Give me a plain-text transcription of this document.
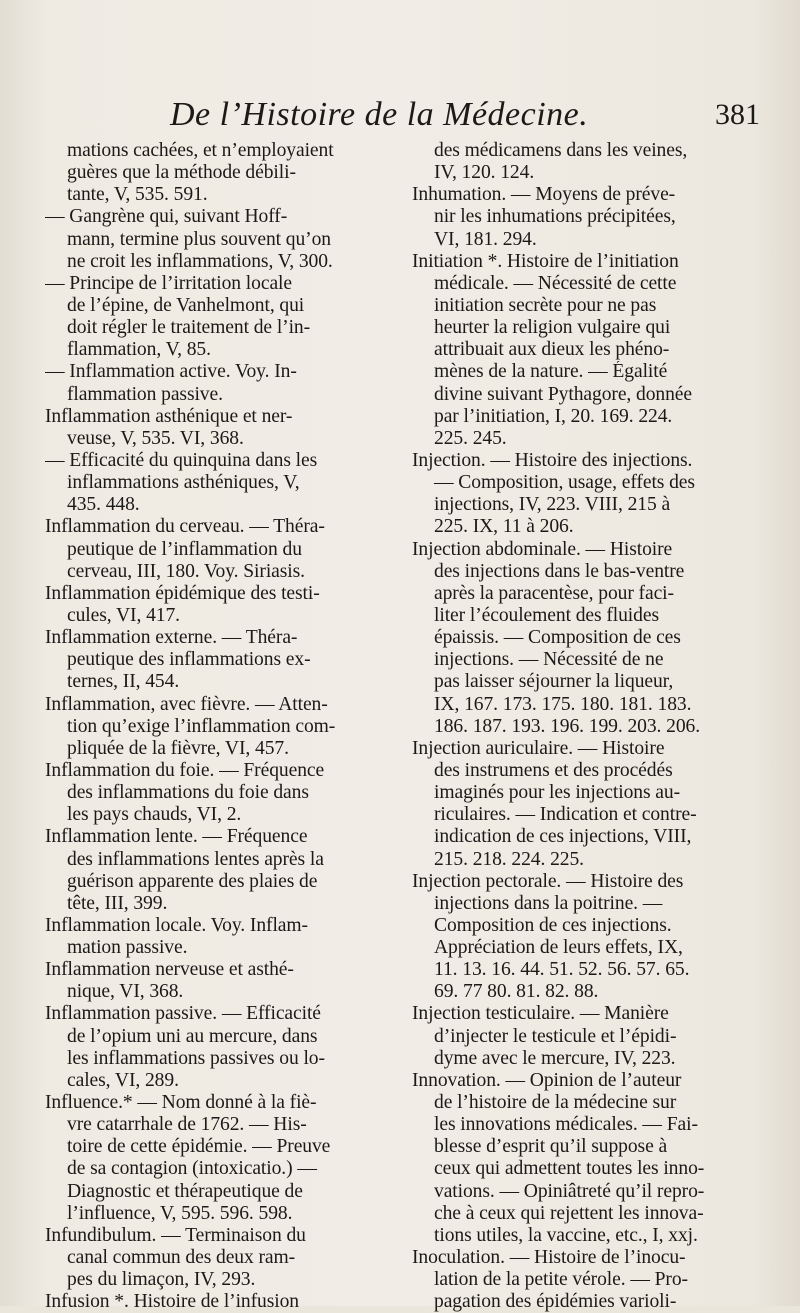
De l’Histoire de la Médecine.	381
mations cachées, et n’employaient
guères que la méthode débili-
tante, V, 535. 591.
— Gangrène qui, suivant Hoff-
mann, termine plus souvent qu’on
ne croit les inflammations, V, 300.
— Principe de l’irritation locale
de l’épine, de Vanhelmont, qui
doit régler le traitement de l’in-
flammation, V, 85.
— Inflammation active. Voy. In-
flammation passive.
Inflammation asthénique et ner-
veuse, V, 535. VI, 368.
— Efficacité du quinquina dans les
inflammations asthéniques, V,
435. 448.
Inflammation du cerveau. — Théra-
peutique de l’inflammation du
cerveau, III, 180. Voy. Siriasis.
Inflammation épidémique des testi-
cules, VI, 417.
Inflammation externe. — Théra-
peutique des inflammations ex-
ternes, II, 454.
Inflammation, avec fièvre. — Atten-
tion qu’exige l’inflammation com-
pliquée de la fièvre, VI, 457.
Inflammation du foie. — Fréquence
des inflammations du foie dans
les pays chauds, VI, 2.
Inflammation lente. — Fréquence
des inflammations lentes après la
guérison apparente des plaies de
tête, III, 399.
Inflammation locale. Voy. Inflam-
mation passive.
Inflammation nerveuse et asthé-
nique, VI, 368.
Inflammation passive. — Efficacité
de l’opium uni au mercure, dans
les inflammations passives ou lo-
cales, VI, 289.
Influence.* — Nom donné à la fiè-
vre catarrhale de 1762. — His-
toire de cette épidémie. — Preuve
de sa contagion (intoxicatio.) —
Diagnostic et thérapeutique de
l’influence, V, 595. 596. 598.
Infundibulum. — Terminaison du
canal commun des deux ram-
pes du limaçon, IV, 293.
Infusion *. Histoire de l’infusion
des médicamens dans les veines,
IV, 120. 124.
Inhumation. — Moyens de préve-
nir les inhumations précipitées,
VI, 181. 294.
Initiation *. Histoire de l’initiation
médicale. — Nécessité de cette
initiation secrète pour ne pas
heurter la religion vulgaire qui
attribuait aux dieux les phéno-
mènes de la nature. — Égalité
divine suivant Pythagore, donnée
par l’initiation, I, 20. 169. 224.
225. 245.
Injection. — Histoire des injections.
— Composition, usage, effets des
injections, IV, 223. VIII, 215 à
225. IX, 11 à 206.
Injection abdominale. — Histoire
des injections dans le bas-ventre
après la paracentèse, pour faci-
liter l’écoulement des fluides
épaissis. — Composition de ces
injections. — Nécessité de ne
pas laisser séjourner la liqueur,
IX, 167. 173. 175. 180. 181. 183.
186. 187. 193. 196. 199. 203. 206.
Injection auriculaire. — Histoire
des instrumens et des procédés
imaginés pour les injections au-
riculaires. — Indication et contre-
indication de ces injections, VIII,
215. 218. 224. 225.
Injection pectorale. — Histoire des
injections dans la poitrine. —
Composition de ces injections.
Appréciation de leurs effets, IX,
11. 13. 16. 44. 51. 52. 56. 57. 65.
69. 77 80. 81. 82. 88.
Injection testiculaire. — Manière
d’injecter le testicule et l’épidi-
dyme avec le mercure, IV, 223.
Innovation. — Opinion de l’auteur
de l’histoire de la médecine sur
les innovations médicales. — Fai-
blesse d’esprit qu’il suppose à
ceux qui admettent toutes les inno-
vations. — Opiniâtreté qu’il repro-
che à ceux qui rejettent les innova-
tions utiles, la vaccine, etc., I, xxj.
Inoculation. — Histoire de l’inocu-
lation de la petite vérole. — Pro-
pagation des épidémies varioli-
